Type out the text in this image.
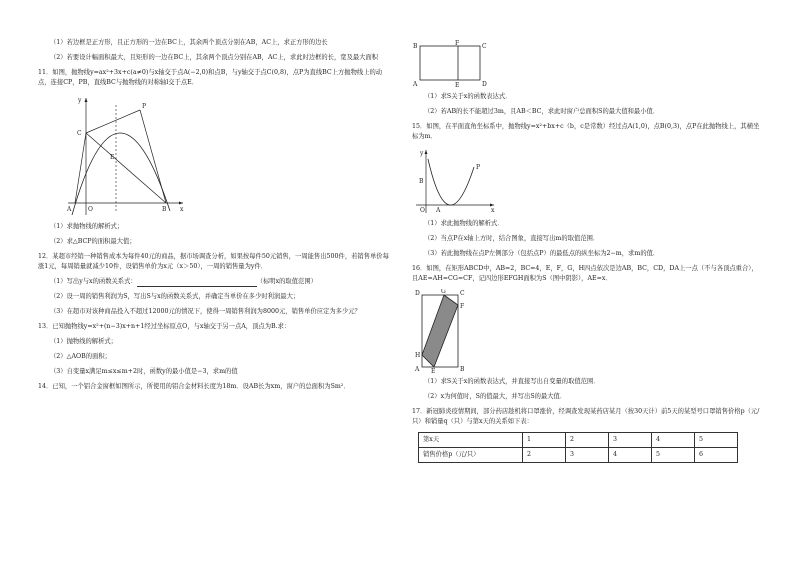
（1）若边框是正方形，且正方形的一边在BC上，其余两个顶点分别在AB，AC上，求正方形的边长

（2）若要设计幅面积最大，且矩形的一边在BC上，其余两个顶点分别在AB，AC上，求此时边框的长，宽及最大面积

11．如图，抛物线y=ax²+3x+c(a≠0)与x轴交于点A(−2,0)和点B，与y轴交于点C(0,8)，点P为直线BC上方抛物线上的动点，连接CP，PB，直线BC与抛物线的对称轴l交于点E．

y
P
C
E
A	O	B x

（1）求抛物线的解析式；

（2）求△BCP的面积最大值；

12．某超市经销一种销售成本为每件40元的商品，据市场调查分析，如果按每件50元销售，一周能售出500件，若销售单价每涨1元，每周销量就减少10件，设销售单价为x元（x＞50），一周的销售量为y件．

（1）写出y与x的函数关系式：	（标明x的取值范围）

（2）设一周的销售利润为S，写出S与x的函数关系式，并确定当单价在多少时利润最大；

（3）在超市对该种商品投入不超过12000元的情况下，使得一周销售利润为8000元，销售单价应定为多少元？

13．已知抛物线y=x²+(n−3)x+n+1经过坐标原点O，与x轴交于另一点A，顶点为B.求：

（1）抛物线的解析式；

（2）△AOB的面积；

（3）自变量x满足m≤x≤m+2时，函数y的最小值是−3，求m的值

14．已知，一个铝合金窗框如图所示，所使用的铝合金材料长度为18m．设AB长为xm，窗户的总面积为Sm²．

B	F	C
A	E	D

（1）求S关于x的函数表达式．

（2）若AB的长不能超过3m，且AB＜BC，求此时窗户总面积S的最大值和最小值．

15．如图，在平面直角坐标系中，抛物线y=x²+bx+c（b，c是常数）经过点A(1,0)，点B(0,3)，点P在此抛物线上，其横坐标为m．

y
B
O A	x
P

（1）求此抛物线的解析式．

（2）当点P在x轴上方时，结合图象，直接写出m的取值范围．

（3）若此抛物线在点P左侧部分（包括点P）的最低点的纵坐标为2−m，求m的值．

16．如图，在矩形ABCD中，AB=2，BC=4，E，F，G，H四点依次是边AB，BC，CD，DA上一点（不与各顶点重合），且AE=AH=CG=CF，记四边形EFGH面积为S（图中阴影），AE=x．

D	G C
F
H
A E	B

（1）求S关于x的函数表达式，并直接写出自变量的取值范围．

（2）x为何值时，S的值最大，并写出S的最大值．

17．新冠肺炎疫情期间，部分药店趁机将口罩涨价，经调查发现某药店某月（按30天计）前5天的某型号口罩销售价格p（元/只）和销量q（只）与第x天的关系如下表：

第x天	1	2	3	4	5
销售价格p（元/只）	2	3	4	5	6
